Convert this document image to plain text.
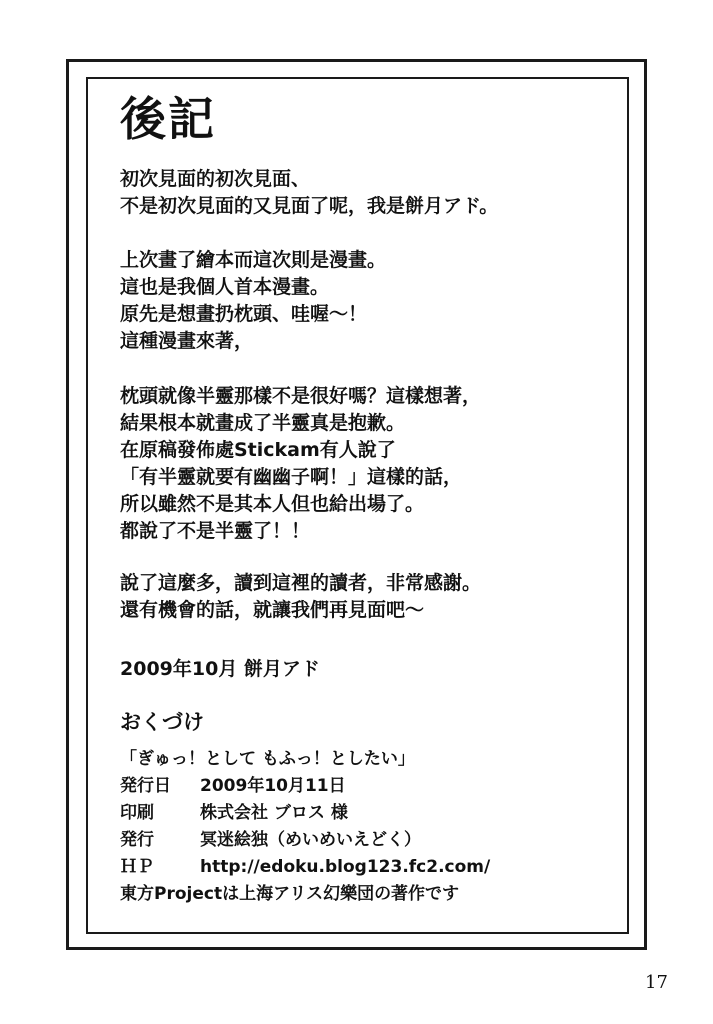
後記
初次見面的初次見面、
不是初次見面的又見面了呢，我是餅月アド。
上次畫了繪本而這次則是漫畫。
這也是我個人首本漫畫。
原先是想畫扔枕頭、哇喔～！
這種漫畫來著，
枕頭就像半靈那樣不是很好嗎？這樣想著，
結果根本就畫成了半靈真是抱歉。
在原稿發佈處Stickam有人說了
「有半靈就要有幽幽子啊！」這樣的話，
所以雖然不是其本人但也給出場了。
都說了不是半靈了！！
說了這麼多，讀到這裡的讀者，非常感謝。
還有機會的話，就讓我們再見面吧～
2009年10月 餅月アド
おくづけ
「ぎゅっ！として もふっ！としたい」
発行日 2009年10月11日
印刷	株式会社 ブロス 様
発行	冥迷絵独（めいめいえどく）
ＨＰ	http://edoku.blog123.fc2.com/
東方Projectは上海アリス幻樂団の著作です
17
